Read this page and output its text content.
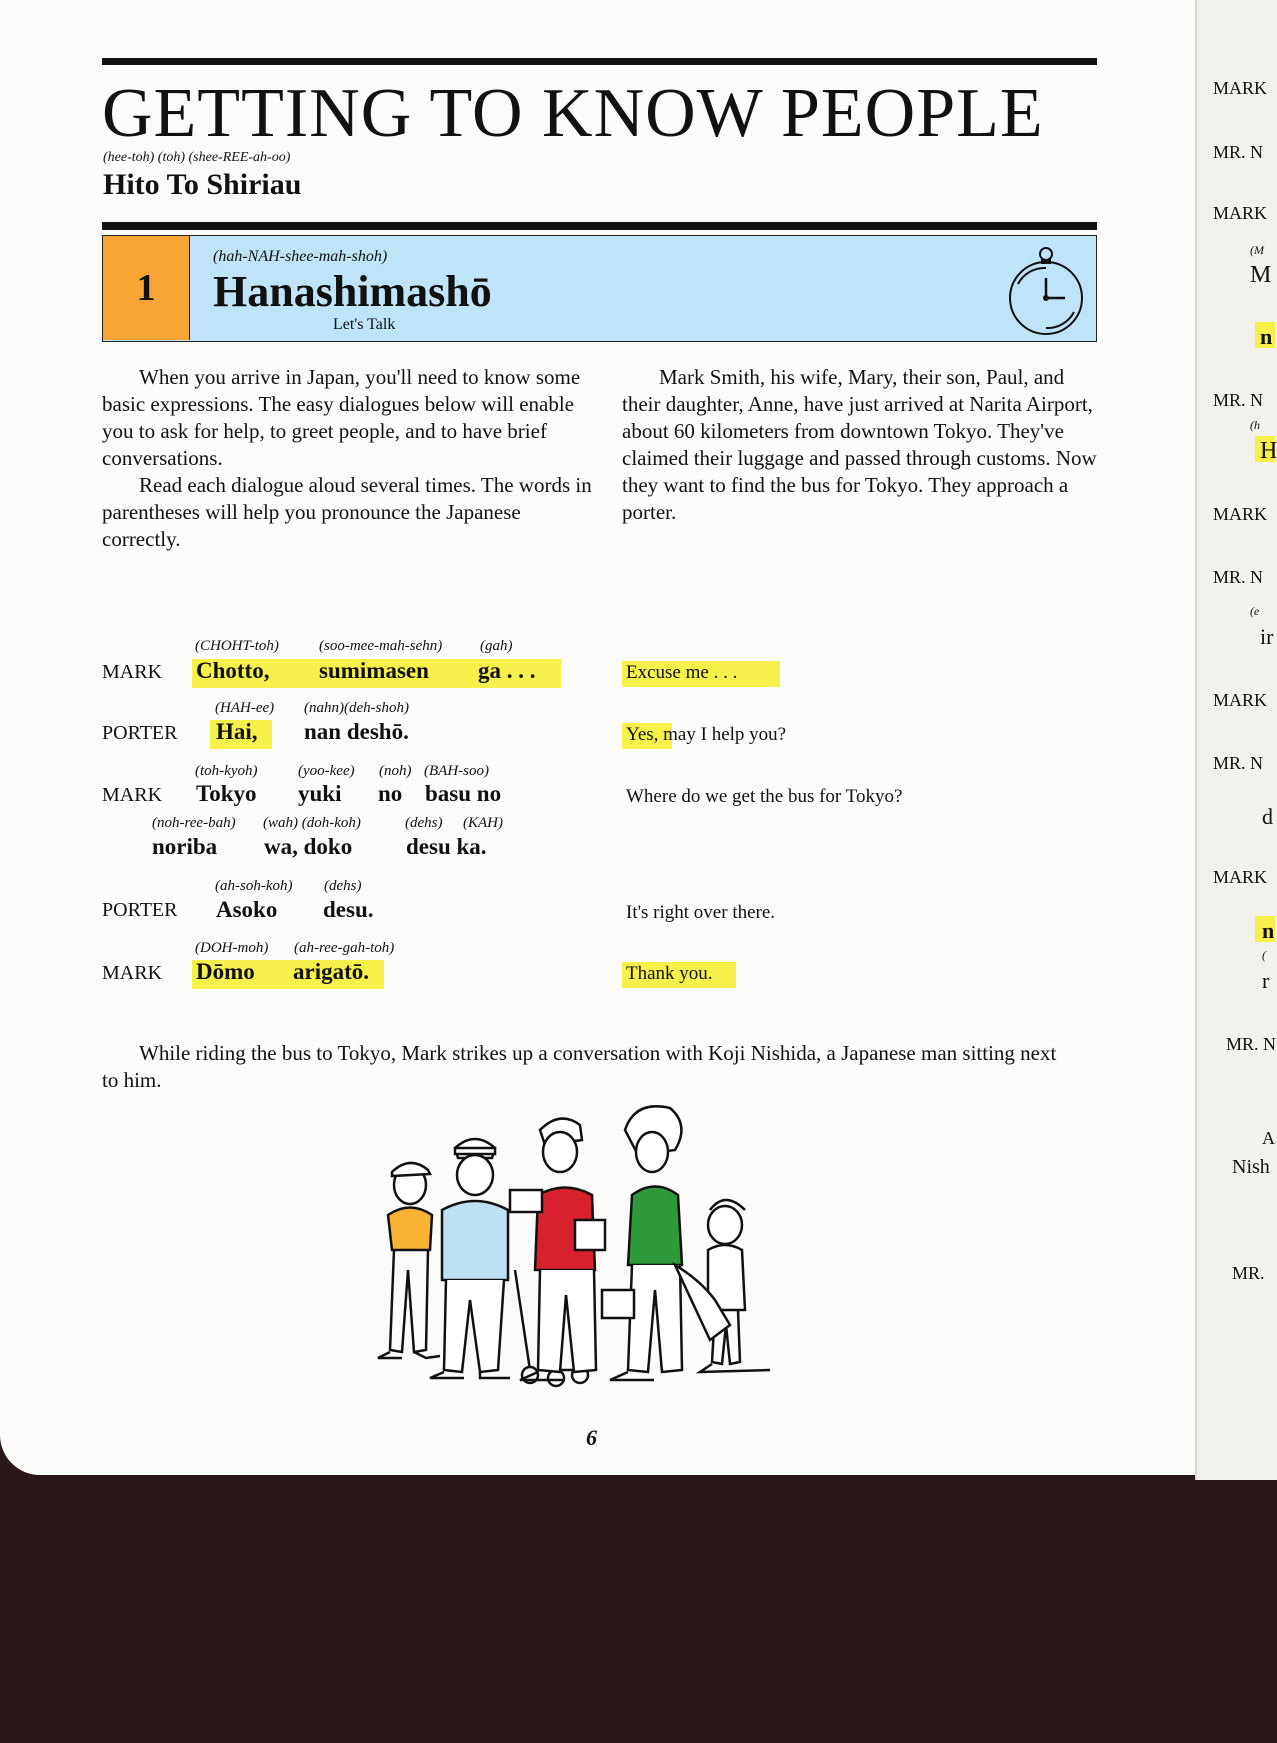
GETTING TO KNOW PEOPLE
(hee-toh) (toh) (shee-REE-ah-oo)
Hito To Shiriau
1
(hah-NAH-shee-mah-shoh)
Hanashimashō
Let's Talk

When you arrive in Japan, you'll need to know some basic expressions. The easy dialogues below will enable you to ask for help, to greet people, and to have brief conversations.

Read each dialogue aloud several times. The words in parentheses will help you pronounce the Japanese correctly.

Mark Smith, his wife, Mary, their son, Paul, and their daughter, Anne, have just arrived at Narita Airport, about 60 kilometers from downtown Tokyo. They've claimed their luggage and passed through customs. Now they want to find the bus for Tokyo. They approach a porter.

(CHOHT-toh)	(soo-mee-mah-sehn)	(gah)
MARK Chotto, sumimasen ga . . .	Excuse me . . .
(HAH-ee) (nahn)(deh-shoh)
PORTER Hai, nan deshō.	Yes, may I help you?
(toh-kyoh)	(yoo-kee) (noh) (BAH-soo)
MARK Tokyo yuki no basu no	Where do we get the bus for Tokyo?
(noh-ree-bah) (wah) (doh-koh)	(dehs) (KAH)
noriba wa, doko desu ka.
(ah-soh-koh) (dehs)
PORTER Asoko desu.	It's right over there.
(DOH-moh) (ah-ree-gah-toh)
MARK Dōmo arigatō.	Thank you.

While riding the bus to Tokyo, Mark strikes up a conversation with Koji Nishida, a Japanese man sitting next to him.

6
MARK
MR. N
MARK
(M
M
n
MR. N
(h
H
MARK
MR. N
(e
ir
MARK
MR. N
d
MARK
n
(
r
MR. N
A
Nish
MR.
